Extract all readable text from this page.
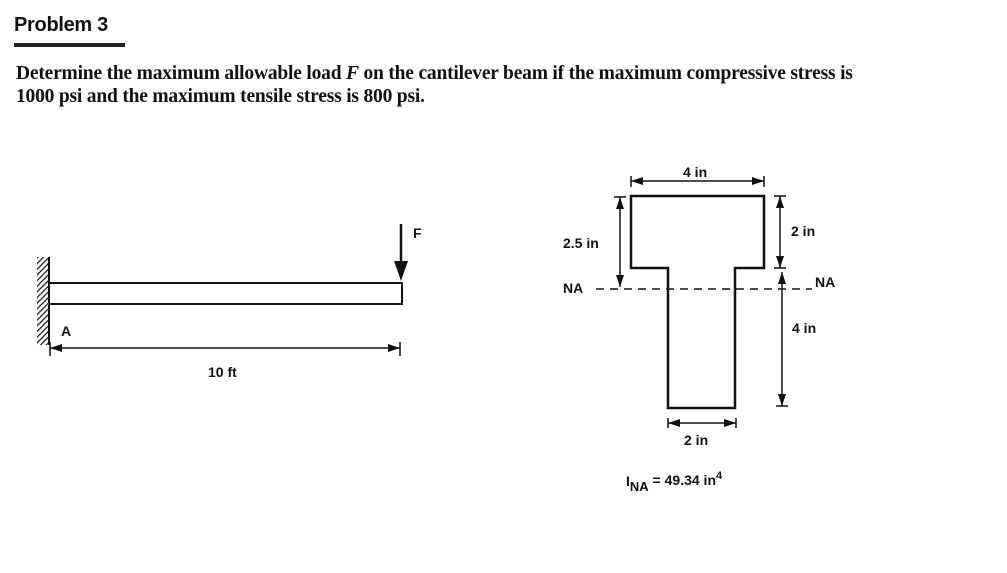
Problem 3
Determine the maximum allowable load F on the cantilever beam if the maximum compressive stress is
1000 psi and the maximum tensile stress is 800 psi.
F
A
10 ft
4 in
2.5 in
2 in
NA	NA
4 in
2 in
INA = 49.34 $in^4$
